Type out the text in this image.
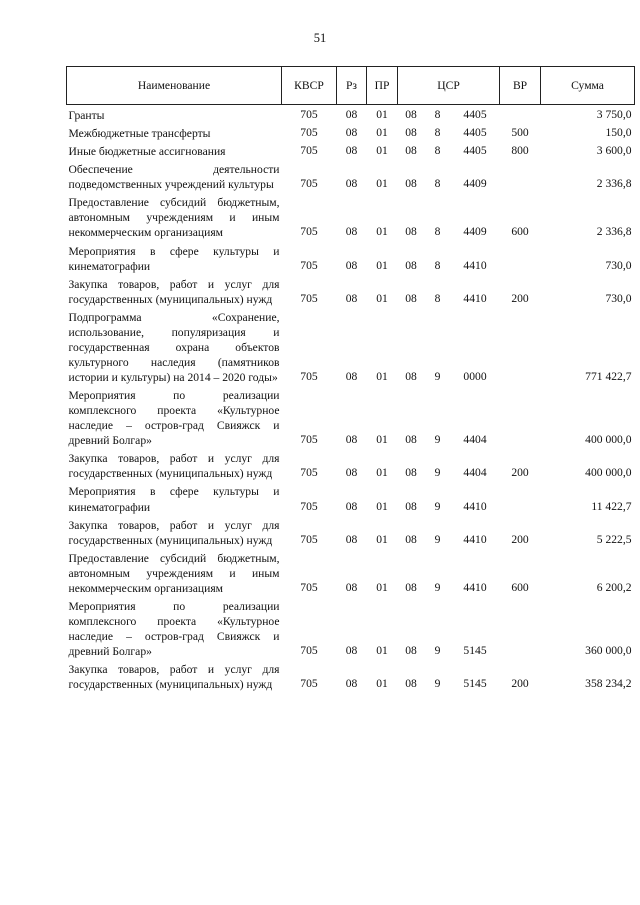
51
Наименование	КВСР	Рз	ПР	ЦСР			ВР	Сумма

Гранты	705	08	01	08	8	4405		3 750,0

Межбюджетные трансферты	705	08	01	08	8	4405	500	150,0

Иные бюджетные ассигнования	705	08	01	08	8	4405	800	3 600,0

Обеспечение деятельности подведомственных учреждений культуры	705	08	01	08	8	4409		2 336,8

Предоставление субсидий бюджетным, автономным учреждениям и иным некоммерческим организациям	705	08	01	08	8	4409	600	2 336,8

Мероприятия в сфере культуры и кинематографии	705	08	01	08	8	4410		730,0

Закупка товаров, работ и услуг для государственных (муниципальных) нужд	705	08	01	08	8	4410	200	730,0

Подпрограмма «Сохранение, использование, популяризация и государственная охрана объектов культурного наследия (памятников истории и культуры) на 2014 – 2020 годы»	705	08	01	08	9	0000		771 422,7

Мероприятия по реализации комплексного проекта «Культурное наследие – остров-град Свияжск и древний Болгар»	705	08	01	08	9	4404		400 000,0

Закупка товаров, работ и услуг для государственных (муниципальных) нужд	705	08	01	08	9	4404	200	400 000,0

Мероприятия в сфере культуры и кинематографии	705	08	01	08	9	4410		11 422,7

Закупка товаров, работ и услуг для государственных (муниципальных) нужд	705	08	01	08	9	4410	200	5 222,5

Предоставление субсидий бюджетным, автономным учреждениям и иным некоммерческим организациям	705	08	01	08	9	4410	600	6 200,2

Мероприятия по реализации комплексного проекта «Культурное наследие – остров-град Свияжск и древний Болгар»	705	08	01	08	9	5145		360 000,0

Закупка товаров, работ и услуг для государственных (муниципальных) нужд	705	08	01	08	9	5145	200	358 234,2
